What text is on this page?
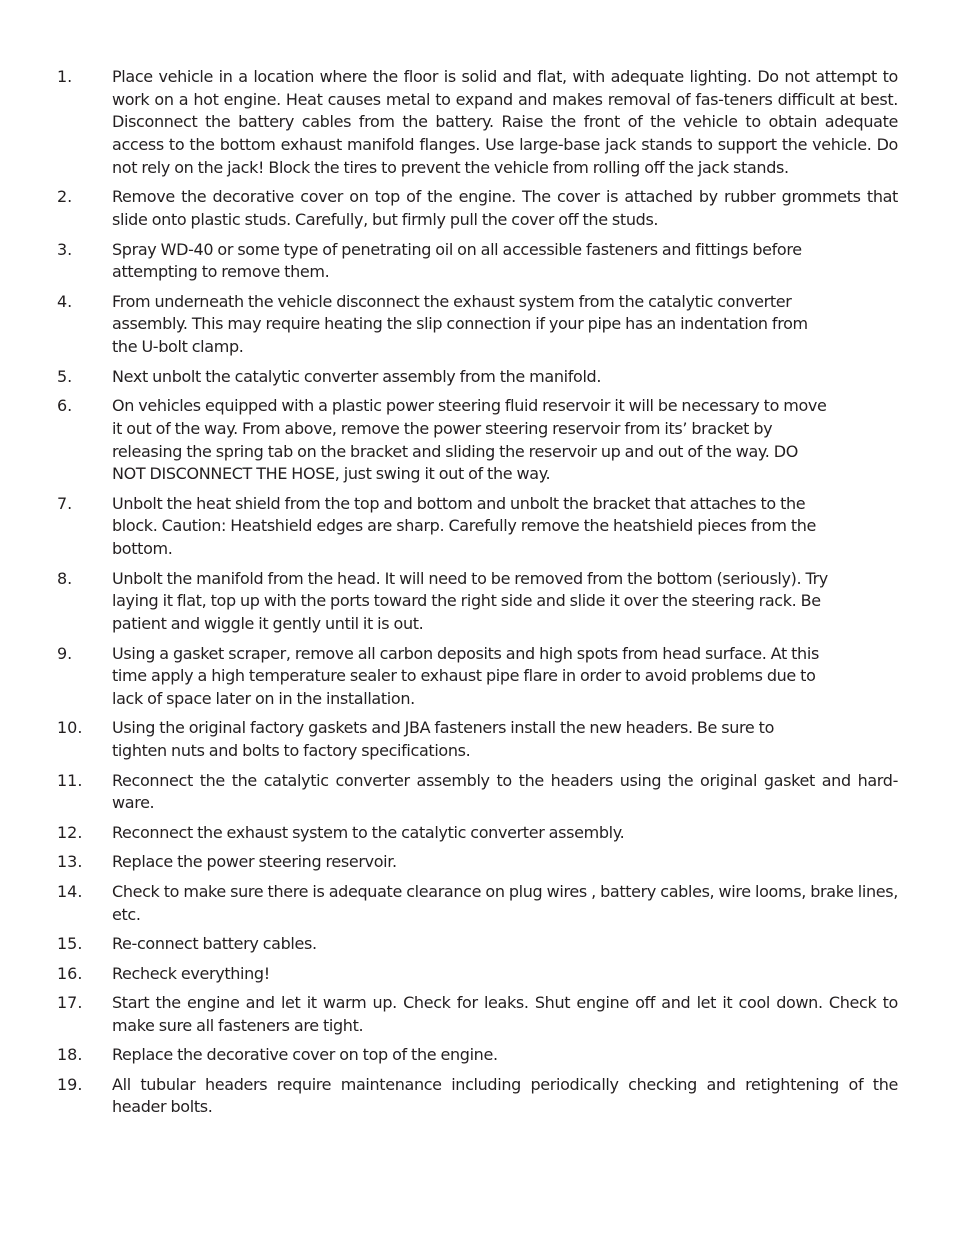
1.	Place vehicle in a location where the floor is solid and flat, with adequate lighting. Do not attempt to work on a hot engine. Heat causes metal to expand and makes removal of fas-teners difficult at best. Disconnect the battery cables from the battery. Raise the front of the vehicle to obtain adequate access to the bottom exhaust manifold flanges. Use large-base jack stands to support the vehicle. Do not rely on the jack! Block the tires to prevent the vehicle from rolling off the jack stands.
2.	Remove the decorative cover on top of the engine. The cover is attached by rubber grommets that slide onto plastic studs. Carefully, but firmly pull the cover off the studs.
3.	Spray WD-40 or some type of penetrating oil on all accessible fasteners and fittings before attempting to remove them.
4.	From underneath the vehicle disconnect the exhaust system from the catalytic converter assembly. This may require heating the slip connection if your pipe has an indentation from the U-bolt clamp.
5.	Next unbolt the catalytic converter assembly from the manifold.
6.	On vehicles equipped with a plastic power steering fluid reservoir it will be necessary to move it out of the way. From above, remove the power steering reservoir from its’ bracket by releasing the spring tab on the bracket and sliding the reservoir up and out of the way. DO NOT DISCONNECT THE HOSE, just swing it out of the way.
7.	Unbolt the heat shield from the top and bottom and unbolt the bracket that attaches to the block. Caution: Heatshield edges are sharp. Carefully remove the heatshield pieces from the bottom.
8.	Unbolt the manifold from the head. It will need to be removed from the bottom (seriously). Try laying it flat, top up with the ports toward the right side and slide it over the steering rack. Be patient and wiggle it gently until it is out.
9.	Using a gasket scraper, remove all carbon deposits and high spots from head surface. At this time apply a high temperature sealer to exhaust pipe flare in order to avoid problems due to lack of space later on in the installation.
10.	Using the original factory gaskets and JBA fasteners install the new headers. Be sure to tighten nuts and bolts to factory specifications.
11.	Reconnect the the catalytic converter assembly to the headers using the original gasket and hard-ware.
12.	Reconnect the exhaust system to the catalytic converter assembly.
13.	Replace the power steering reservoir.
14.	Check to make sure there is adequate clearance on plug wires , battery cables, wire looms, brake lines, etc.
15.	Re-connect battery cables.
16.	Recheck everything!
17.	Start the engine and let it warm up. Check for leaks. Shut engine off and let it cool down. Check to make sure all fasteners are tight.
18.	Replace the decorative cover on top of the engine.
19.	All tubular headers require maintenance including periodically checking and retightening of the header bolts.
